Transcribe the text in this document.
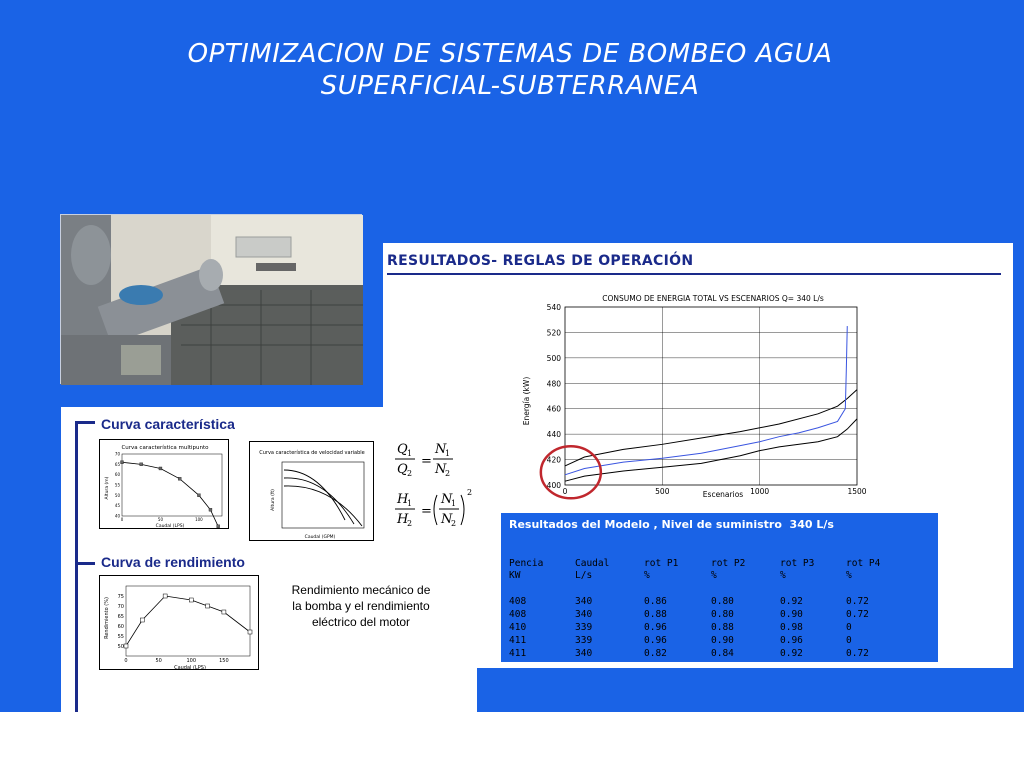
OPTIMIZACION DE SISTEMAS DE BOMBEO AGUA
SUPERFICIAL-SUBTERRANEA
RESULTADOS- REGLAS DE OPERACIÓN
CONSUMO DE ENERGIA TOTAL VS ESCENARIOS Q= 340 L/s
Energía (kW)
Escenarios
0	500	1000	1500
400
420
440
460
480
500
520
540
Resultados del Modelo , Nivel de suministro  340 L/s
Pencia	Caudal	rot P1	rot P2	rot P3	rot P4
KW	L/s	%	%	%	%
408	340	0.86	0.80	0.92	0.72
408	340	0.88	0.80	0.90	0.72
410	339	0.96	0.88	0.98	0
411	339	0.96	0.90	0.96	0
411	340	0.82	0.84	0.92	0.72
Curva característica
Curva de rendimiento
Curva característica multipunto
Caudal (LPS)
Altura (m)
40
45
50
55
60
65
70
0	50	100
Curva característica de velocidad variable
Caudal (GPM)
Altura (ft)
Q 1
Q 2
=
N
1
N
2
H
1
H
2
=
N
1
N
2
2
Caudal (LPS)
Rendimiento (%)
50
55
60
65
70
75
0	50	100	150
Rendimiento mecánico de la bomba y el rendimiento eléctrico del motor
